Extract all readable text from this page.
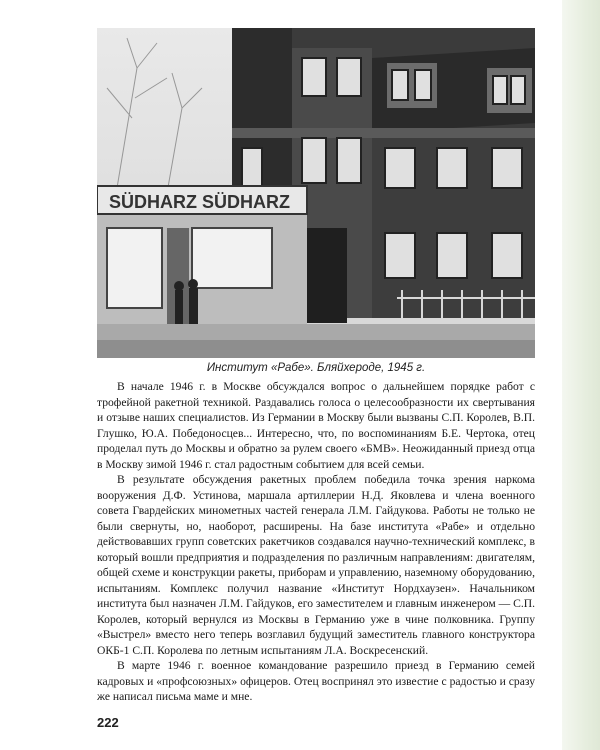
SÜDHARZ SÜDHARZ
Институт «Рабе». Бляйхероде, 1945 г.

В начале 1946 г. в Москве обсуждался вопрос о дальнейшем порядке работ с трофейной ракетной техникой. Раздавались голоса о целесообразности их свертывания и отзыве наших специалистов. Из Германии в Москву были вызваны С.П. Королев, В.П. Глушко, Ю.А. Победоносцев... Интересно, что, по воспоминаниям Б.Е. Чертока, отец проделал путь до Москвы и обратно за рулем своего «БМВ». Неожиданный приезд отца в Москву зимой 1946 г. стал радостным событием для всей семьи.

В результате обсуждения ракетных проблем победила точка зрения наркома вооружения Д.Ф. Устинова, маршала артиллерии Н.Д. Яковлева и члена военного совета Гвардейских минометных частей генерала Л.М. Гайдукова. Работы не только не были свернуты, но, наоборот, расширены. На базе института «Рабе» и отдельно действовавших групп советских ракетчиков создавался научно-технический комплекс, в который вошли предприятия и подразделения по различным направлениям: двигателям, общей схеме и конструкции ракеты, приборам и управлению, наземному оборудованию, испытаниям. Комплекс получил название «Институт Нордхаузен». Начальником института был назначен Л.М. Гайдуков, его заместителем и главным инженером — С.П. Королев, который вернулся из Москвы в Германию уже в чине полковника. Группу «Выстрел» вместо него теперь возглавил будущий заместитель главного конструктора ОКБ-1 С.П. Королева по летным испытаниям Л.А. Воскресенский.

В марте 1946 г. военное командование разрешило приезд в Германию семей кадровых и «профсоюзных» офицеров. Отец воспринял это известие с радостью и сразу же написал письма маме и мне.

222
